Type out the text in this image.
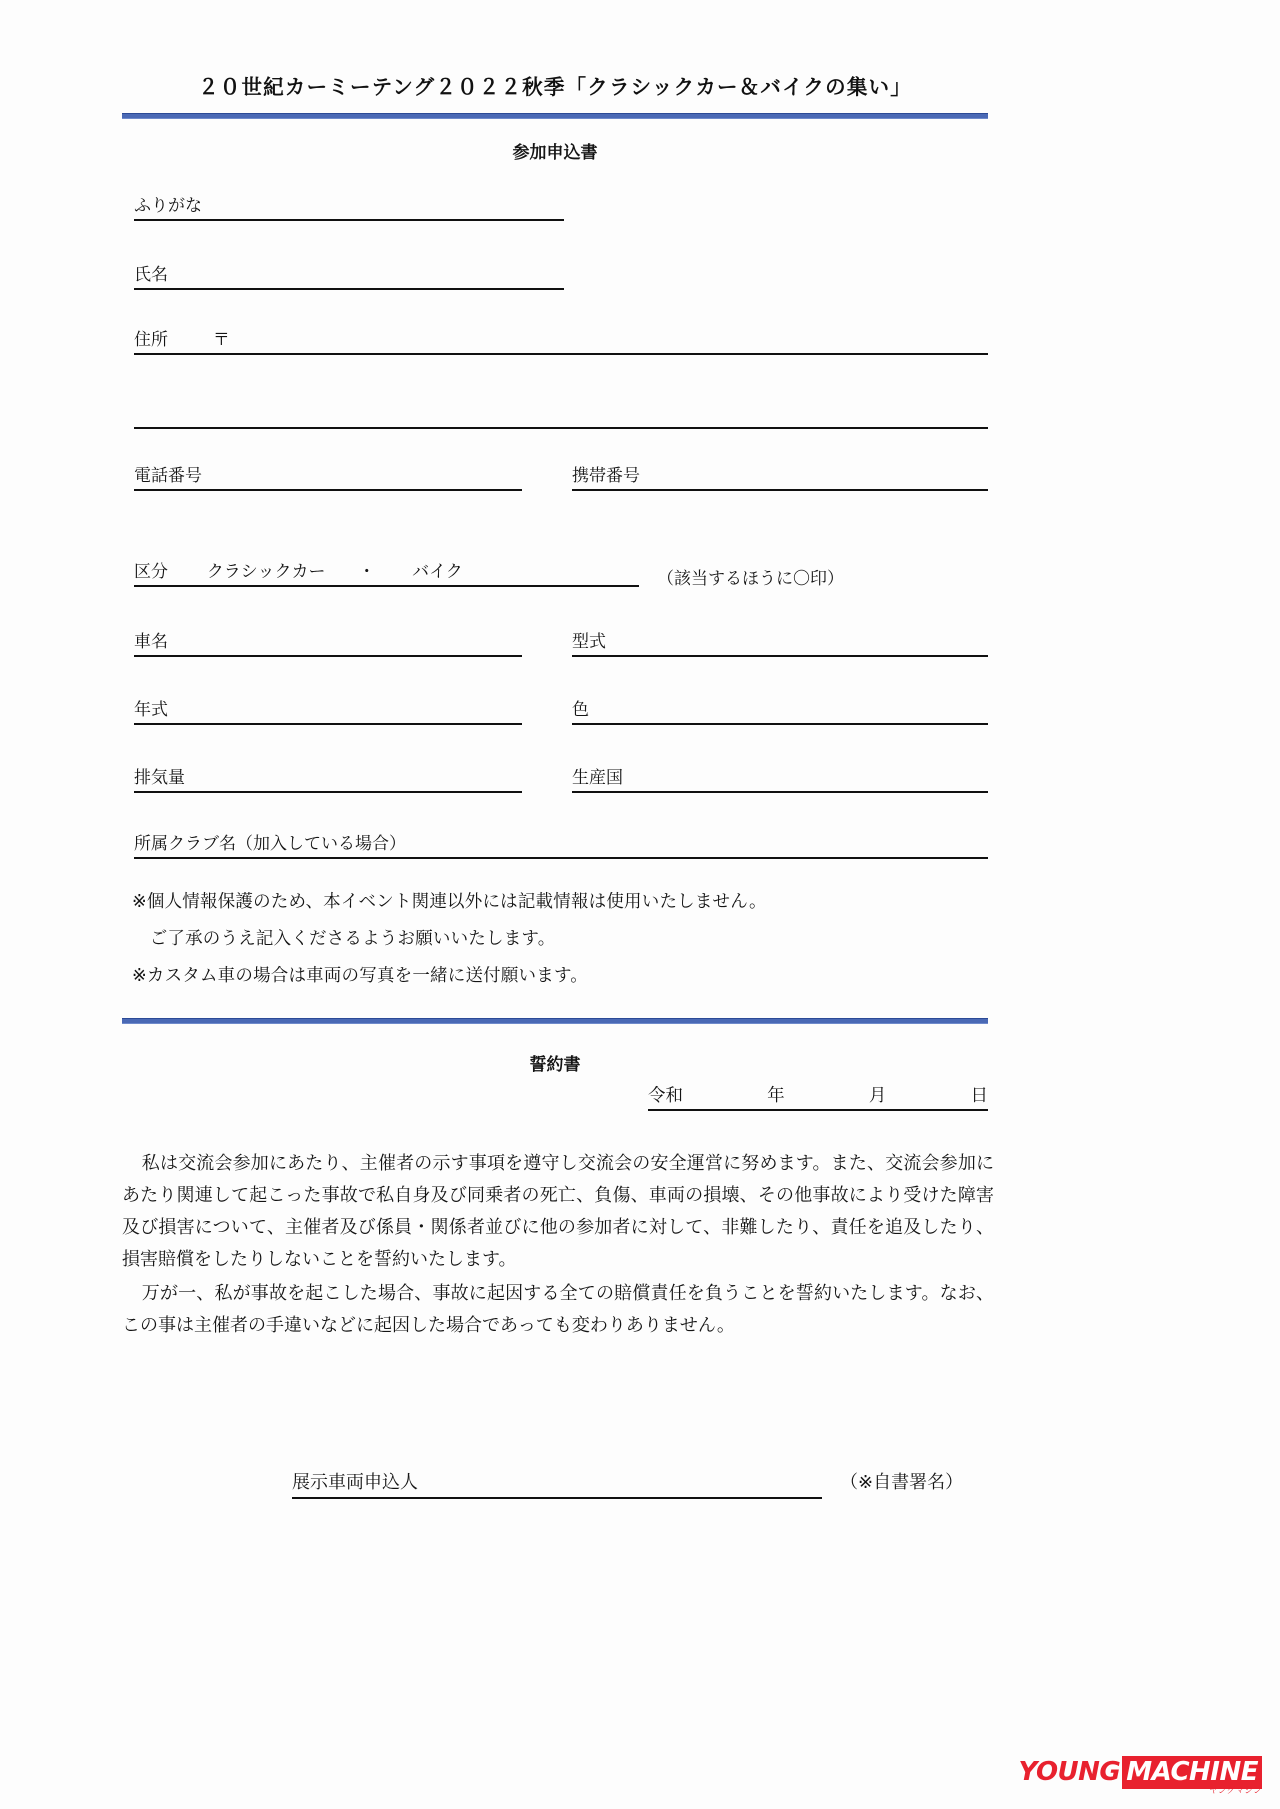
２０世紀カーミーテング２０２２秋季「クラシックカー＆バイクの集い」
参加申込書
ふりがな
氏名
住所	〒
電話番号	携帯番号
区分 クラシックカー ・ バイク	（該当するほうに〇印）
車名	型式
年式	色
排気量	生産国
所属クラブ名（加入している場合）
※個人情報保護のため、本イベント関連以外には記載情報は使用いたしません。
　ご了承のうえ記入くださるようお願いいたします。
※カスタム車の場合は車両の写真を一緒に送付願います。
誓約書
令和	年	月	日

私は交流会参加にあたり、主催者の示す事項を遵守し交流会の安全運営に努めます。また、交流会参加にあたり関連して起こった事故で私自身及び同乗者の死亡、負傷、車両の損壊、その他事故により受けた障害及び損害について、主催者及び係員・関係者並びに他の参加者に対して、非難したり、責任を追及したり、損害賠償をしたりしないことを誓約いたします。

万が一、私が事故を起こした場合、事故に起因する全ての賠償責任を負うことを誓約いたします。なお、この事は主催者の手違いなどに起因した場合であっても変わりありません。

展示車両申込人	（※自書署名）
YOUNG MACHINE
ヤングマシン
